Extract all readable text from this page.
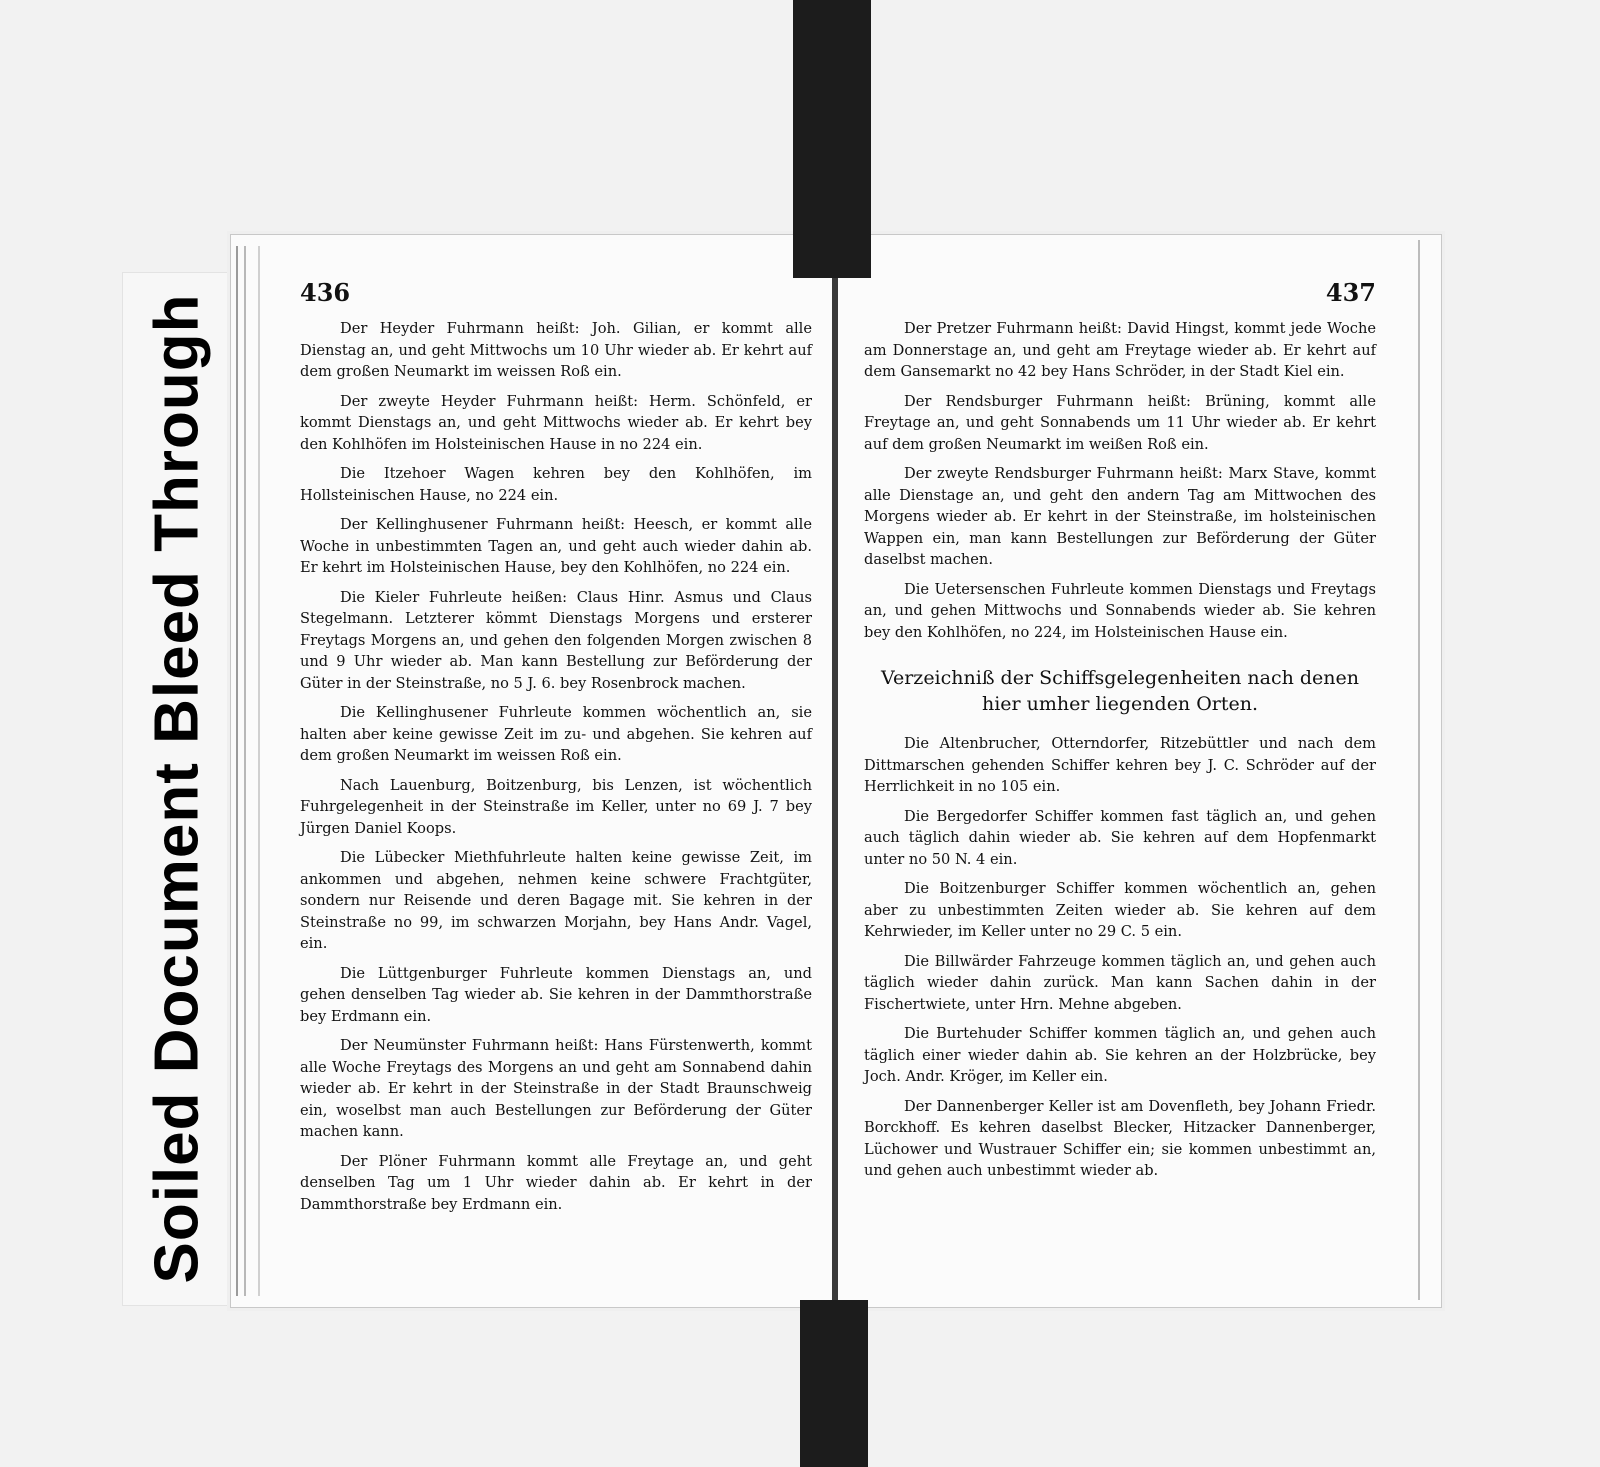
Soiled Document Bleed Through
436

Der Heyder Fuhrmann heißt: Joh. Gilian, er kommt alle Dienstag an, und geht Mittwochs um 10 Uhr wieder ab. Er kehrt auf dem großen Neumarkt im weissen Roß ein.

Der zweyte Heyder Fuhrmann heißt: Herm. Schönfeld, er kommt Dienstags an, und geht Mittwochs wieder ab. Er kehrt bey den Kohlhöfen im Holsteinischen Hause in no 224 ein.

Die Itzehoer Wagen kehren bey den Kohlhöfen, im Hollsteinischen Hause, no 224 ein.

Der Kellinghusener Fuhrmann heißt: Heesch, er kommt alle Woche in unbestimmten Tagen an, und geht auch wieder dahin ab. Er kehrt im Holsteinischen Hause, bey den Kohlhöfen, no 224 ein.

Die Kieler Fuhrleute heißen: Claus Hinr. Asmus und Claus Stegelmann. Letzterer kömmt Dienstags Morgens und ersterer Freytags Morgens an, und gehen den folgenden Morgen zwischen 8 und 9 Uhr wieder ab. Man kann Bestellung zur Beförderung der Güter in der Steinstraße, no 5 J. 6. bey Rosenbrock machen.

Die Kellinghusener Fuhrleute kommen wöchentlich an, sie halten aber keine gewisse Zeit im zu- und abgehen. Sie kehren auf dem großen Neumarkt im weissen Roß ein.

Nach Lauenburg, Boitzenburg, bis Lenzen, ist wöchentlich Fuhrgelegenheit in der Steinstraße im Keller, unter no 69 J. 7 bey Jürgen Daniel Koops.

Die Lübecker Miethfuhrleute halten keine gewisse Zeit, im ankommen und abgehen, nehmen keine schwere Frachtgüter, sondern nur Reisende und deren Bagage mit. Sie kehren in der Steinstraße no 99, im schwarzen Morjahn, bey Hans Andr. Vagel, ein.

Die Lüttgenburger Fuhrleute kommen Dienstags an, und gehen denselben Tag wieder ab. Sie kehren in der Dammthorstraße bey Erdmann ein.

Der Neumünster Fuhrmann heißt: Hans Fürstenwerth, kommt alle Woche Freytags des Morgens an und geht am Sonnabend dahin wieder ab. Er kehrt in der Steinstraße in der Stadt Braunschweig ein, woselbst man auch Bestellungen zur Beförderung der Güter machen kann.

Der Plöner Fuhrmann kommt alle Freytage an, und geht denselben Tag um 1 Uhr wieder dahin ab. Er kehrt in der Dammthorstraße bey Erdmann ein.

437

Der Pretzer Fuhrmann heißt: David Hingst, kommt jede Woche am Donnerstage an, und geht am Freytage wieder ab. Er kehrt auf dem Gansemarkt no 42 bey Hans Schröder, in der Stadt Kiel ein.

Der Rendsburger Fuhrmann heißt: Brüning, kommt alle Freytage an, und geht Sonnabends um 11 Uhr wieder ab. Er kehrt auf dem großen Neumarkt im weißen Roß ein.

Der zweyte Rendsburger Fuhrmann heißt: Marx Stave, kommt alle Dienstage an, und geht den andern Tag am Mittwochen des Morgens wieder ab. Er kehrt in der Steinstraße, im holsteinischen Wappen ein, man kann Bestellungen zur Beförderung der Güter daselbst machen.

Die Uetersenschen Fuhrleute kommen Dienstags und Freytags an, und gehen Mittwochs und Sonnabends wieder ab. Sie kehren bey den Kohlhöfen, no 224, im Holsteinischen Hause ein.

Verzeichniß der Schiffsgelegenheiten nach denen hier umher liegenden Orten.

Die Altenbrucher, Otterndorfer, Ritzebüttler und nach dem Dittmarschen gehenden Schiffer kehren bey J. C. Schröder auf der Herrlichkeit in no 105 ein.

Die Bergedorfer Schiffer kommen fast täglich an, und gehen auch täglich dahin wieder ab. Sie kehren auf dem Hopfenmarkt unter no 50 N. 4 ein.

Die Boitzenburger Schiffer kommen wöchentlich an, gehen aber zu unbestimmten Zeiten wieder ab. Sie kehren auf dem Kehrwieder, im Keller unter no 29 C. 5 ein.

Die Billwärder Fahrzeuge kommen täglich an, und gehen auch täglich wieder dahin zurück. Man kann Sachen dahin in der Fischertwiete, unter Hrn. Mehne abgeben.

Die Burtehuder Schiffer kommen täglich an, und gehen auch täglich einer wieder dahin ab. Sie kehren an der Holzbrücke, bey Joch. Andr. Kröger, im Keller ein.

Der Dannenberger Keller ist am Dovenfleth, bey Johann Friedr. Borckhoff. Es kehren daselbst Blecker, Hitzacker Dannenberger, Lüchower und Wustrauer Schiffer ein; sie kommen unbestimmt an, und gehen auch unbestimmt wieder ab.
